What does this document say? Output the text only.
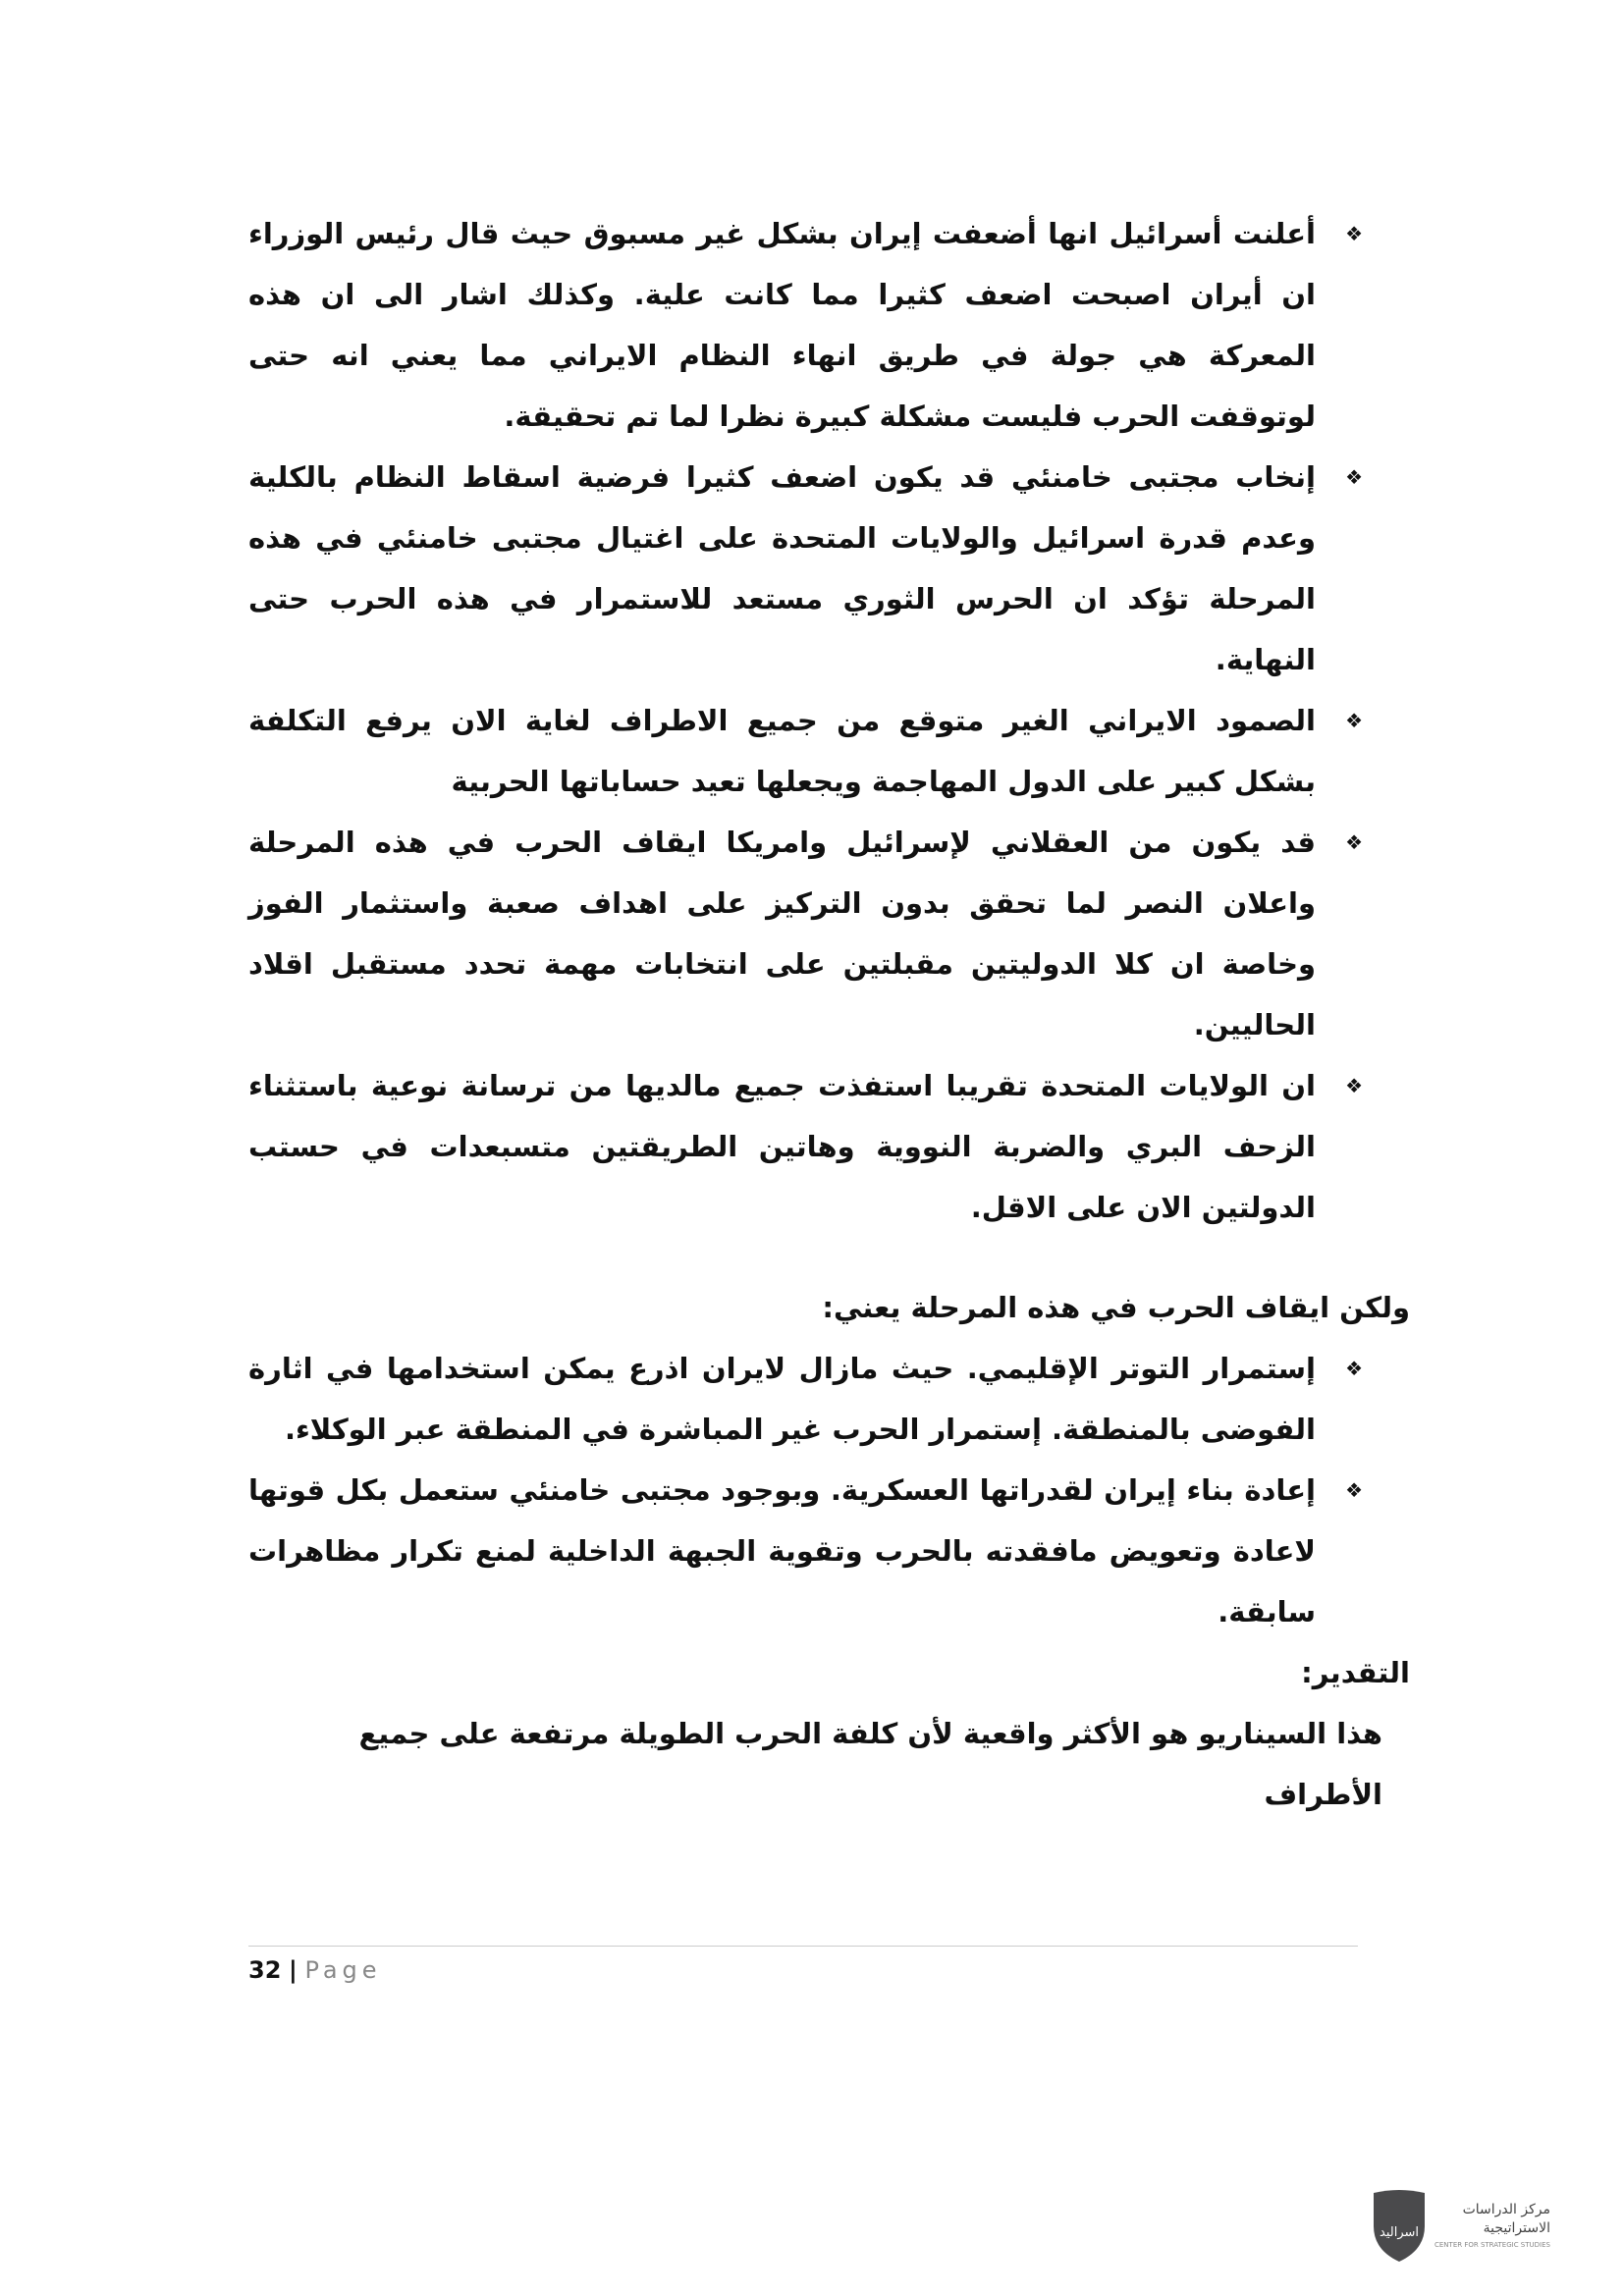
❖
أعلنت أسرائيل انها أضعفت إيران بشكل غير مسبوق حيث قال رئيس الوزراء ان أيران اصبحت اضعف كثيرا مما كانت علية. وكذلك اشار الى ان هذه المعركة هي جولة في طريق انهاء النظام الايراني مما يعني انه حتى لوتوقفت الحرب فليست مشكلة كبيرة نظرا لما تم تحقيقة.
❖
إنخاب مجتبى خامنئي قد يكون اضعف كثيرا فرضية اسقاط النظام بالكلية وعدم قدرة اسرائيل والولايات المتحدة على اغتيال مجتبى خامنئي في هذه المرحلة تؤكد ان الحرس الثوري مستعد للاستمرار في هذه الحرب حتى النهاية.
❖
الصمود الايراني الغير متوقع من جميع الاطراف لغاية الان يرفع التكلفة بشكل كبير على الدول المهاجمة ويجعلها تعيد حساباتها الحربية
❖
قد يكون من العقلاني لإسرائيل وامريكا ايقاف الحرب في هذه المرحلة واعلان النصر لما تحقق بدون التركيز على اهداف صعبة واستثمار الفوز وخاصة ان كلا الدوليتين مقبلتين على انتخابات مهمة تحدد مستقبل اقلاد الحاليين.
❖
ان الولايات المتحدة تقريبا استفذت جميع مالديها من ترسانة نوعية باستثناء الزحف البري والضربة النووية وهاتين الطريقتين متسبعدات في حستب الدولتين الان على الاقل.

ولكن ايقاف الحرب في هذه المرحلة يعني:

❖
إستمرار التوتر الإقليمي. حيث مازال لايران اذرع يمكن استخدامها في اثارة الفوضى بالمنطقة. إستمرار الحرب غير المباشرة في المنطقة عبر الوكلاء.
❖
إعادة بناء إيران لقدراتها العسكرية. وبوجود مجتبى خامنئي ستعمل بكل قوتها لاعادة وتعويض مافقدته بالحرب وتقوية الجبهة الداخلية لمنع تكرار مظاهرات سابقة.

التقدير:

هذا السيناريو هو الأكثر واقعية لأن كلفة الحرب الطويلة مرتفعة على جميع الأطراف

32 | Page
اسراليد
مركز الدراسات
الاستراتيجية
CENTER FOR STRATEGIC STUDIES
